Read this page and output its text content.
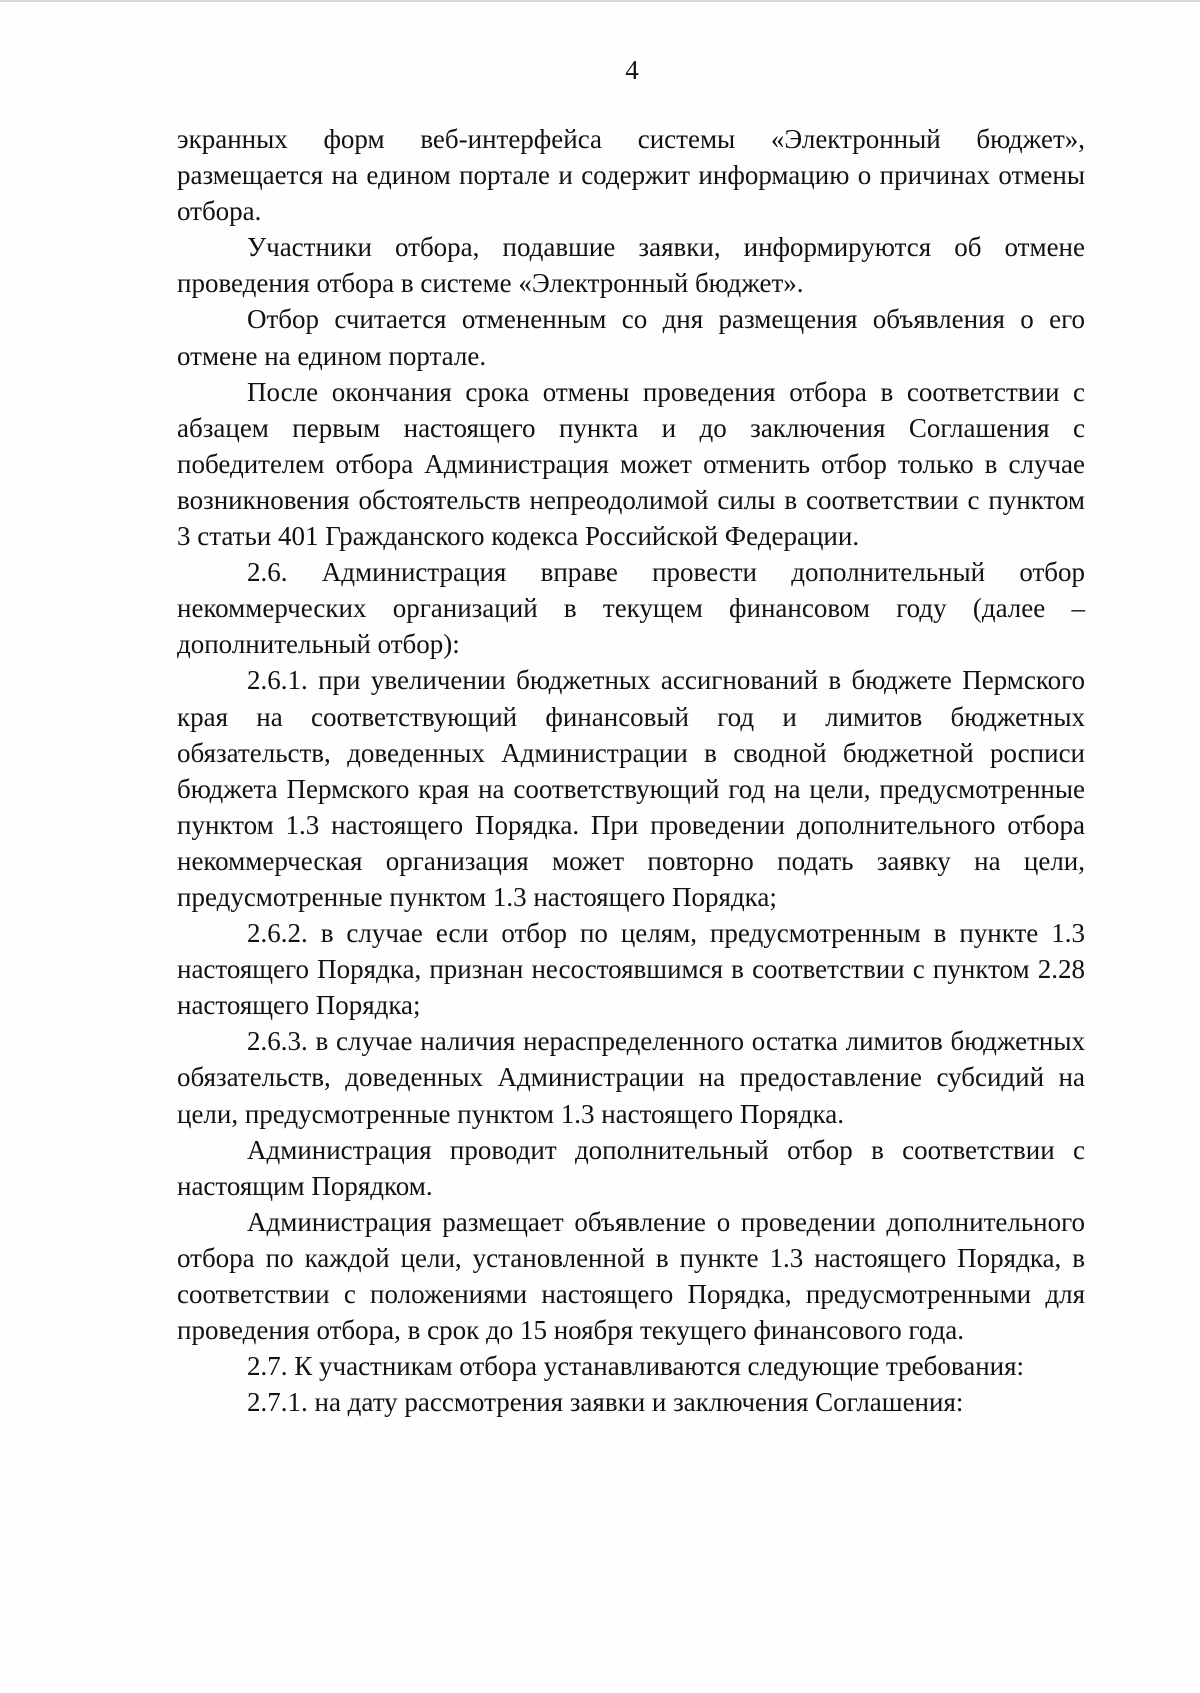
4

экранных форм веб-интерфейса системы «Электронный бюджет», размещается на едином портале и содержит информацию о причинах отмены отбора.

Участники отбора, подавшие заявки, информируются об отмене проведения отбора в системе «Электронный бюджет».

Отбор считается отмененным со дня размещения объявления о его отмене на едином портале.

После окончания срока отмены проведения отбора в соответствии с абзацем первым настоящего пункта и до заключения Соглашения с победителем отбора Администрация может отменить отбор только в случае возникновения обстоятельств непреодолимой силы в соответствии с пунктом 3 статьи 401 Гражданского кодекса Российской Федерации.

2.6. Администрация вправе провести дополнительный отбор некоммерческих организаций в текущем финансовом году (далее – дополнительный отбор):

2.6.1. при увеличении бюджетных ассигнований в бюджете Пермского края на соответствующий финансовый год и лимитов бюджетных обязательств, доведенных Администрации в сводной бюджетной росписи бюджета Пермского края на соответствующий год на цели, предусмотренные пунктом 1.3 настоящего Порядка. При проведении дополнительного отбора некоммерческая организация может повторно подать заявку на цели, предусмотренные пунктом 1.3 настоящего Порядка;

2.6.2. в случае если отбор по целям, предусмотренным в пункте 1.3 настоящего Порядка, признан несостоявшимся в соответствии с пунктом 2.28 настоящего Порядка;

2.6.3. в случае наличия нераспределенного остатка лимитов бюджетных обязательств, доведенных Администрации на предоставление субсидий на цели, предусмотренные пунктом 1.3 настоящего Порядка.

Администрация проводит дополнительный отбор в соответствии с настоящим Порядком.

Администрация размещает объявление о проведении дополнительного отбора по каждой цели, установленной в пункте 1.3 настоящего Порядка, в соответствии с положениями настоящего Порядка, предусмотренными для проведения отбора, в срок до 15 ноября текущего финансового года.

2.7. К участникам отбора устанавливаются следующие требования:

2.7.1. на дату рассмотрения заявки и заключения Соглашения:
